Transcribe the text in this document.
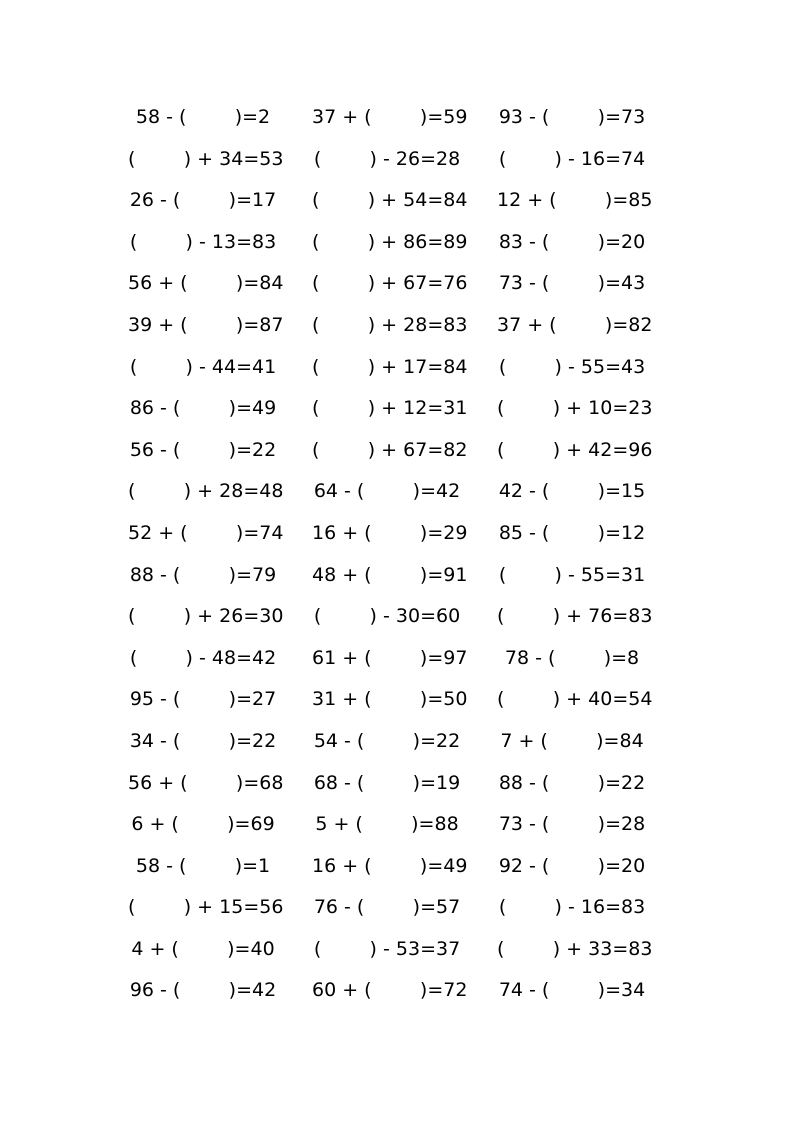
58 - (        )=2	37 + (        )=59 93 - (        )=73
(        ) + 34=53 (        ) - 26=28 (        ) - 16=74
26 - (        )=17 (        ) + 54=84 12 + (        )=85
(        ) - 13=83 (        ) + 86=89 83 - (        )=20
56 + (        )=84 (        ) + 67=76 73 - (        )=43
39 + (        )=87 (        ) + 28=83 37 + (        )=82
(        ) - 44=41 (        ) + 17=84 (        ) - 55=43
86 - (        )=49 (        ) + 12=31 (        ) + 10=23
56 - (        )=22 (        ) + 67=82 (        ) + 42=96
(        ) + 28=48 64 - (        )=42 42 - (        )=15
52 + (        )=74 16 + (        )=29 85 - (        )=12
88 - (        )=79 48 + (        )=91 (        ) - 55=31
(        ) + 26=30 (        ) - 30=60 (        ) + 76=83
(        ) - 48=42 61 + (        )=97	78 - (        )=8
95 - (        )=27 31 + (        )=50 (        ) + 40=54
34 - (        )=22 54 - (        )=22 7 + (        )=84
56 + (        )=68 68 - (        )=19 88 - (        )=22
6 + (        )=69 5 + (        )=88 73 - (        )=28
58 - (        )=1	16 + (        )=49 92 - (        )=20
(        ) + 15=56 76 - (        )=57 (        ) - 16=83
4 + (        )=40 (        ) - 53=37 (        ) + 33=83
96 - (        )=42 60 + (        )=72 74 - (        )=34
